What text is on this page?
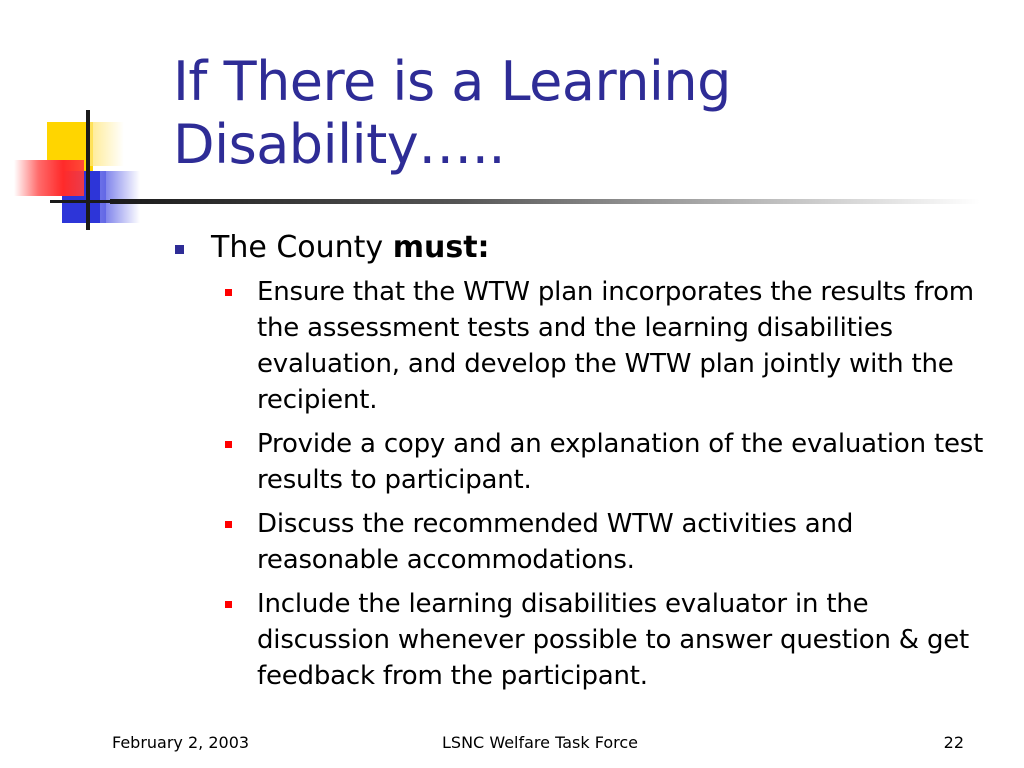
If There is a Learning Disability…..
The County must:
Ensure that the WTW plan incorporates the results from the assessment tests and the learning disabilities evaluation, and develop the WTW plan jointly with the recipient.
Provide a copy and an explanation of the evaluation test results to participant.
Discuss the recommended WTW activities and reasonable accommodations.
Include the learning disabilities evaluator in the discussion whenever possible to answer question & get feedback from the participant.
February 2, 2003	LSNC Welfare Task Force	22
